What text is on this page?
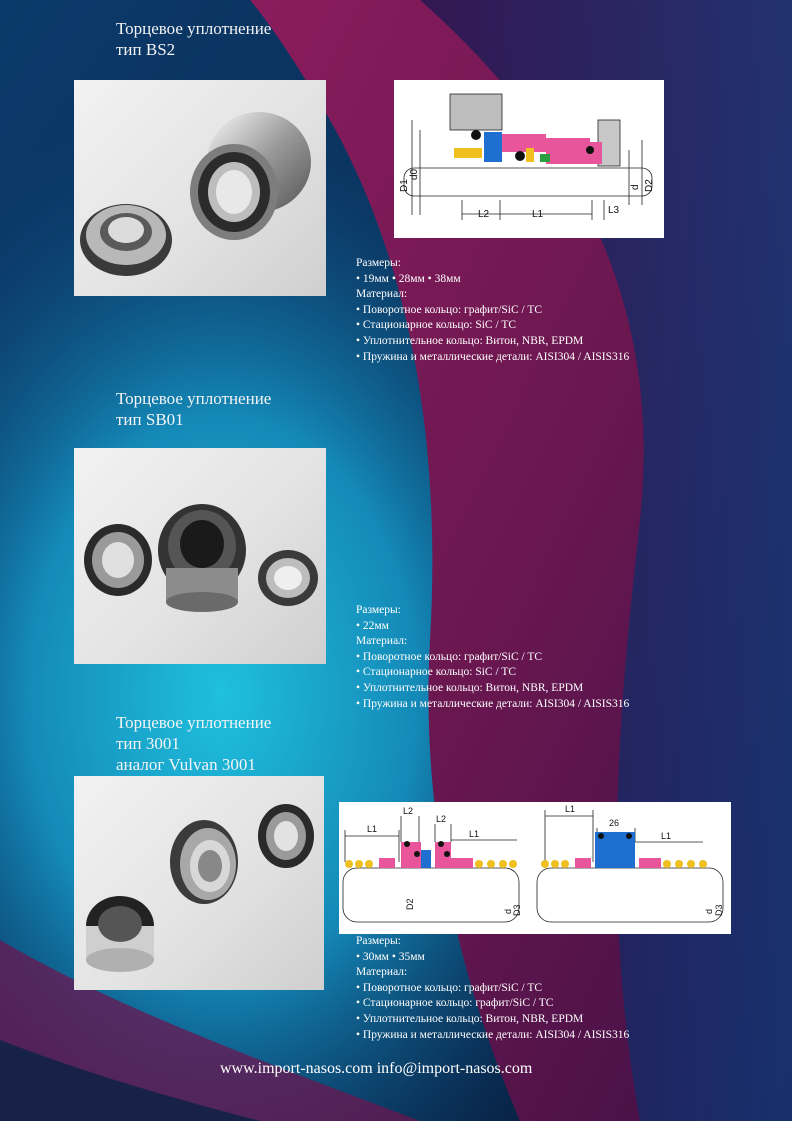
Торцевое уплотнение
тип BS2
D1
d0
L2	L1	L3
d D2
Размеры:
• 19мм • 28мм • 38мм
Материал:
• Поворотное кольцо: графит/SiC / TC
• Стационарное кольцо: SiC / TC
• Уплотнительное кольцо: Витон, NBR, EPDM
• Пружина и металлические детали: AISI304 / AISIS316
Торцевое уплотнение
тип SB01
Размеры:
• 22мм
Материал:
• Поворотное кольцо: графит/SiC / TC
• Стационарное кольцо: SiC / TC
• Уплотнительное кольцо: Витон, NBR, EPDM
• Пружина и металлические детали: AISI304 / AISIS316
Торцевое уплотнение
тип 3001
аналог Vulvan 3001
L2
L2
L1	L1
D2
d D3
L1
26
L1
d D3
Размеры:
• 30мм • 35мм
Материал:
• Поворотное кольцо: графит/SiC / TC
• Стационарное кольцо: графит/SiC / TC
• Уплотнительное кольцо: Витон, NBR, EPDM
• Пружина и металлические детали: AISI304 / AISIS316
www.import-nasos.com info@import-nasos.com
